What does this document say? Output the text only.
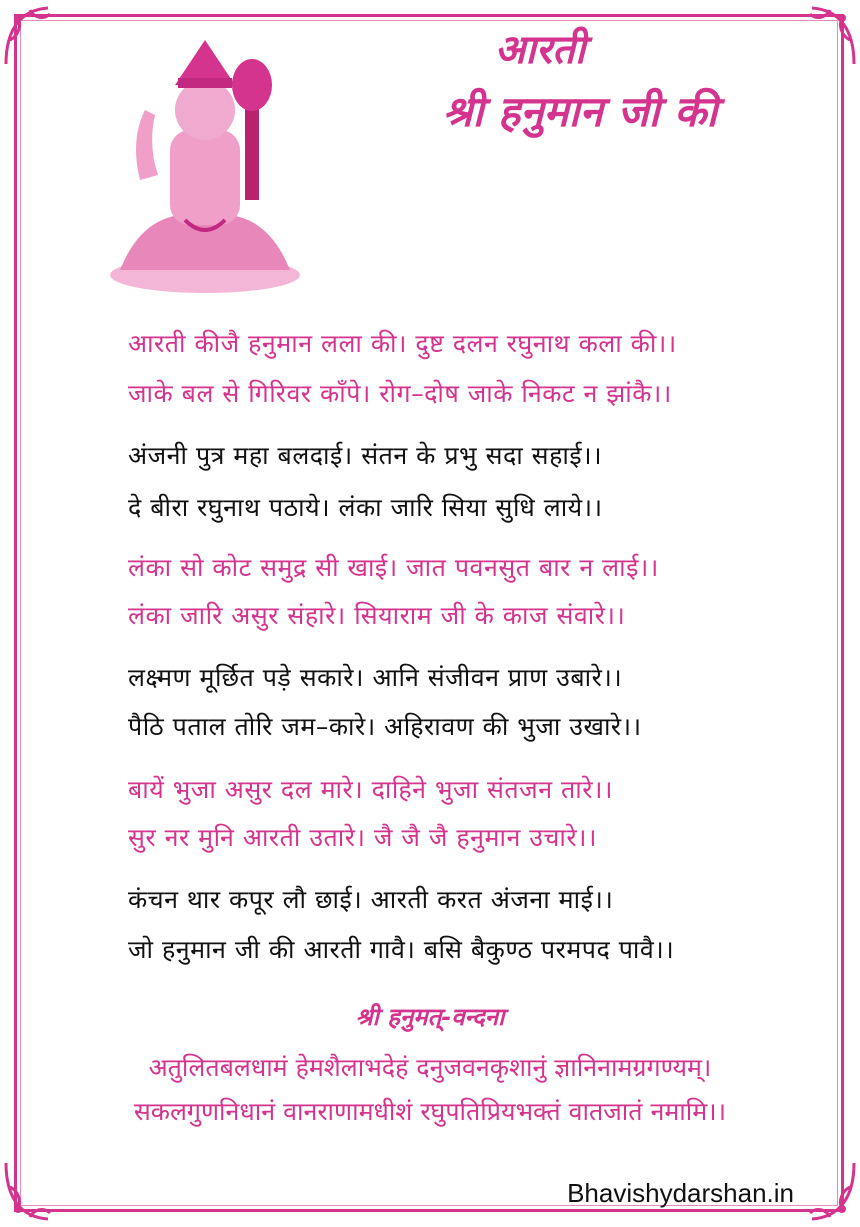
आरती
श्री हनुमान जी की
आरती कीजै हनुमान लला की। दुष्ट दलन रघुनाथ कला की।।
जाके बल से गिरिवर काँपे। रोग–दोष जाके निकट न झांकै।।
अंजनी पुत्र महा बलदाई। संतन के प्रभु सदा सहाई।।
दे बीरा रघुनाथ पठाये। लंका जारि सिया सुधि लाये।।
लंका सो कोट समुद्र सी खाई। जात पवनसुत बार न लाई।।
लंका जारि असुर संहारे। सियाराम जी के काज संवारे।।
लक्ष्मण मूर्छित पड़े सकारे। आनि संजीवन प्राण उबारे।।
पैठि पताल तोरि जम–कारे। अहिरावण की भुजा उखारे।।
बायें भुजा असुर दल मारे। दाहिने भुजा संतजन तारे।।
सुर नर मुनि आरती उतारे। जै जै जै हनुमान उचारे।।
कंचन थार कपूर लौ छाई। आरती करत अंजना माई।।
जो हनुमान जी की आरती गावै। बसि बैकुण्ठ परमपद पावै।।
श्री हनुमत्-वन्दना
अतुलितबलधामं हेमशैलाभदेहं दनुजवनकृशानुं ज्ञानिनामग्रगण्यम्।
सकलगुणनिधानं वानराणामधीशं रघुपतिप्रियभक्तं वातजातं नमामि।।
Bhavishydarshan.in
